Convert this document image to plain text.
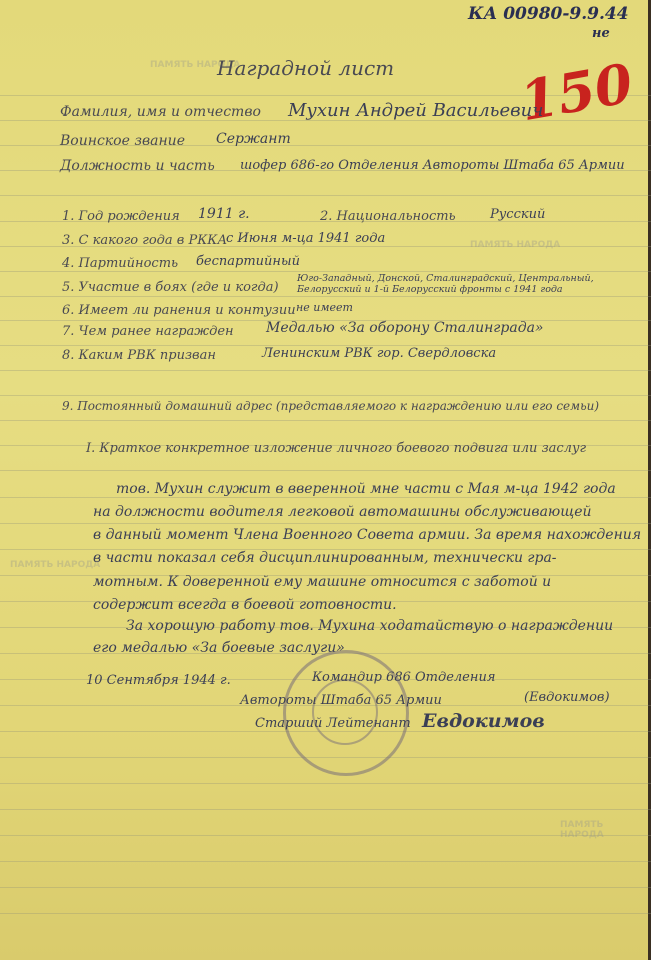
ПАМЯТЬ НАРОДА
ПАМЯТЬ НАРОДА
ПАМЯТЬ НАРОДА
ПАМЯТЬ НАРОДА
КА 00980-9.9.44
не
150
Наградной лист
Фамилия, имя и отчество Мухин Андрей Васильевич
Воинское звание Сержант
Должность и часть шофер 686-го Отделения Автороты Штаба 65 Армии
1. Год рождения 1911 г.	2. Национальность	Русский
3. С какого года в РККА
с Июня м-ца 1941 года
4. Партийность беспартийный
5. Участие в боях (где и когда)
Юго-Западный, Донской, Сталинградский, Центральный, Белорусский и 1-й Белорусский фронты с 1941 года
6. Имеет ли ранения и контузии не имеет
7. Чем ранее награжден Медалью «За оборону Сталинграда»
8. Каким РВК призван	Ленинским РВК гор. Свердловска
9. Постоянный домашний адрес (представляемого к награждению или его семьи)
I. Краткое конкретное изложение личного боевого подвига или заслуг
тов. Мухин служит в вверенной мне части с Мая м-ца 1942 года
на должности водителя легковой автомашины обслуживающей
в данный момент Члена Военного Совета армии. За время нахождения
в части показал себя дисциплинированным, технически гра-
мотным. К доверенной ему машине относится с заботой и
содержит всегда в боевой готовности.
За хорошую работу тов. Мухина ходатайствую о награждении
его медалью «За боевые заслуги»
10 Сентября 1944 г.	Командир 686 Отделения
Автороты Штаба 65 Армии
Старший Лейтенант Евдокимов
(Евдокимов)
